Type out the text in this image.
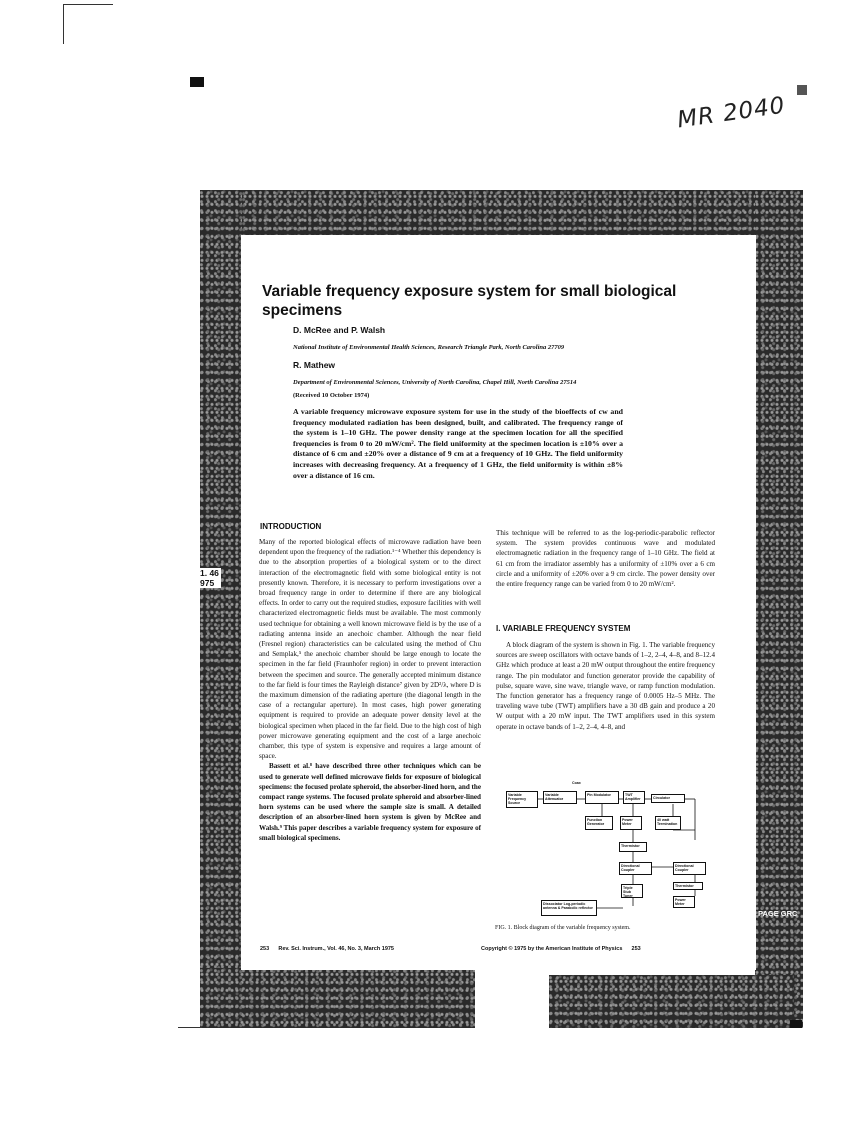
MR 2040
1. 46
975
Variable frequency exposure system for small biological specimens
D. McRee and P. Walsh
National Institute of Environmental Health Sciences, Research Triangle Park, North Carolina 27709
R. Mathew
Department of Environmental Sciences, University of North Carolina, Chapel Hill, North Carolina 27514
(Received 10 October 1974)
A variable frequency microwave exposure system for use in the study of the bioeffects of cw and frequency modulated radiation has been designed, built, and calibrated. The frequency range of the system is 1–10 GHz. The power density range at the specimen location for all the specified frequencies is from 0 to 20 mW/cm². The field uniformity at the specimen location is ±10% over a distance of 6 cm and ±20% over a distance of 9 cm at a frequency of 10 GHz. The field uniformity increases with decreasing frequency. At a frequency of 1 GHz, the field uniformity is within ±8% over a distance of 16 cm.
INTRODUCTION

Many of the reported biological effects of microwave radiation have been dependent upon the frequency of the radiation.¹⁻⁴ Whether this dependency is due to the absorption properties of a biological system or to the direct interaction of the electromagnetic field with some biological entity is not presently known. Therefore, it is necessary to perform investigations over a broad frequency range in order to determine if there are any biological effects. In order to carry out the required studies, exposure facilities with well characterized electromagnetic fields must be available. The most commonly used technique for obtaining a well known microwave field is by the use of a radiating antenna inside an anechoic chamber. Although the near field (Fresnel region) characteristics can be calculated using the method of Chu and Semplak,⁵ the anechoic chamber should be large enough to locate the specimen in the far field (Fraunhofer region) in order to prevent interaction between the specimen and source. The generally accepted minimum distance to the far field is four times the Rayleigh distance⁷ given by 2D²/λ, where D is the maximum dimension of the radiating aperture (the diagonal length in the case of a rectangular aperture). In most cases, high power generating equipment is required to provide an adequate power density level at the biological specimen when placed in the far field. Due to the high cost of high power microwave generating equipment and the cost of a large anechoic chamber, this type of system is expensive and requires a large amount of space.

Bassett et al.⁸ have described three other techniques which can be used to generate well defined microwave fields for exposure of biological specimens: the focused prolate spheroid, the absorber-lined horn, and the compact range systems. The focused prolate spheroid and absorber-lined horn systems can be used where the sample size is small. A detailed description of an absorber-lined horn system is given by McRee and Walsh.⁹ This paper describes a variable frequency system for exposure of small biological specimens.

This technique will be referred to as the log-periodic-parabolic reflector system. The system provides continuous wave and modulated electromagnetic radiation in the frequency range of 1–10 GHz. The field at 61 cm from the irradiator assembly has a uniformity of ±10% over a 6 cm circle and a uniformity of ±20% over a 9 cm circle. The power density over the entire frequency range can be varied from 0 to 20 mW/cm².

I. VARIABLE FREQUENCY SYSTEM

A block diagram of the system is shown in Fig. 1. The variable frequency sources are sweep oscillators with octave bands of 1–2, 2–4, 4–8, and 8–12.4 GHz which produce at least a 20 mW output throughout the entire frequency range. The pin modulator and function generator provide the capability of pulse, square wave, sine wave, triangle wave, or ramp function modulation. The function generator has a frequency range of 0.0005 Hz–5 MHz. The traveling wave tube (TWT) amplifiers have a 30 dB gain and produce a 20 W output with a 20 mW input. The TWT amplifiers used in this system operate in octave bands of 1–2, 2–4, 4–8, and

Coax
Variable Frequency Source
Variable Attenuator
Pin Modulator	TWT Amplifier	Circulator
Function Generator
Power Meter
40 watt Termination
Thermistor
Directional Coupler
Directional Coupler
Triple Stub Tuner
Thermistor
Power Meter
Dissociator Log-periodic antenna & Parabolic reflector
FIG. 1. Block diagram of the variable frequency system.
253      Rev. Sci. Instrum., Vol. 46, No. 3, March 1975	Copyright © 1975 by the American Institute of Physics      253
PAGE GRC
